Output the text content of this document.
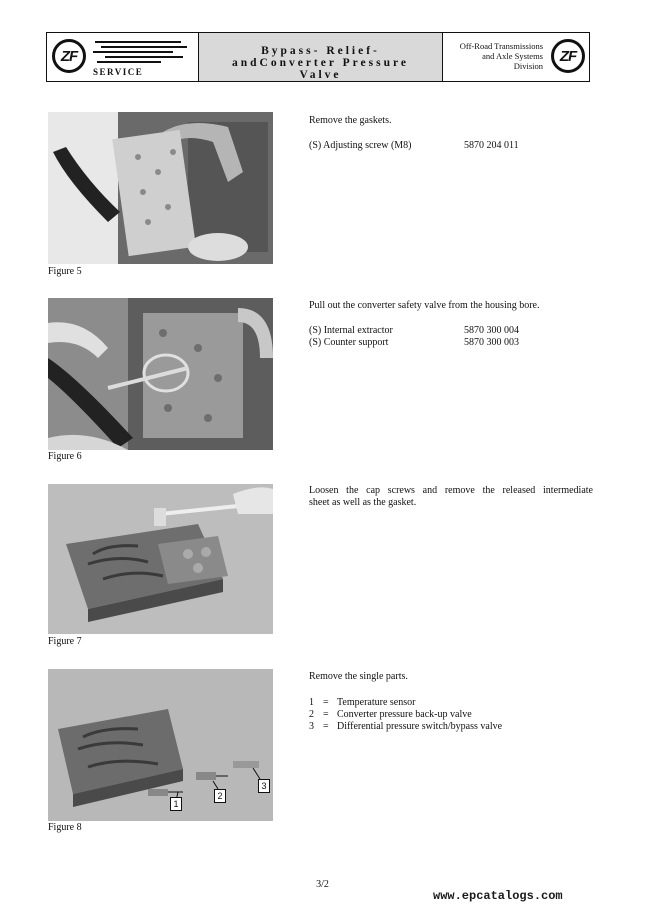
ZF
SERVICE
Bypass- Relief-
andConverter Pressure
Valve
Off-Road Transmissions
and Axle Systems
Division
ZF
Figure 5
Remove the gaskets.
(S) Adjusting screw (M8)	5870 204 011
Figure 6
Pull out the converter safety valve from the housing bore.
(S) Internal extractor	5870 300 004
(S) Counter support	5870 300 003
Figure 7
Loosen the cap screws and remove the released intermediate
sheet as well as the gasket.
1
2
3
Figure 8
Remove the single parts.
1 = Temperature sensor
2 = Converter pressure back-up valve
3 = Differential pressure switch/bypass valve
3/2
www.epcatalogs.com
